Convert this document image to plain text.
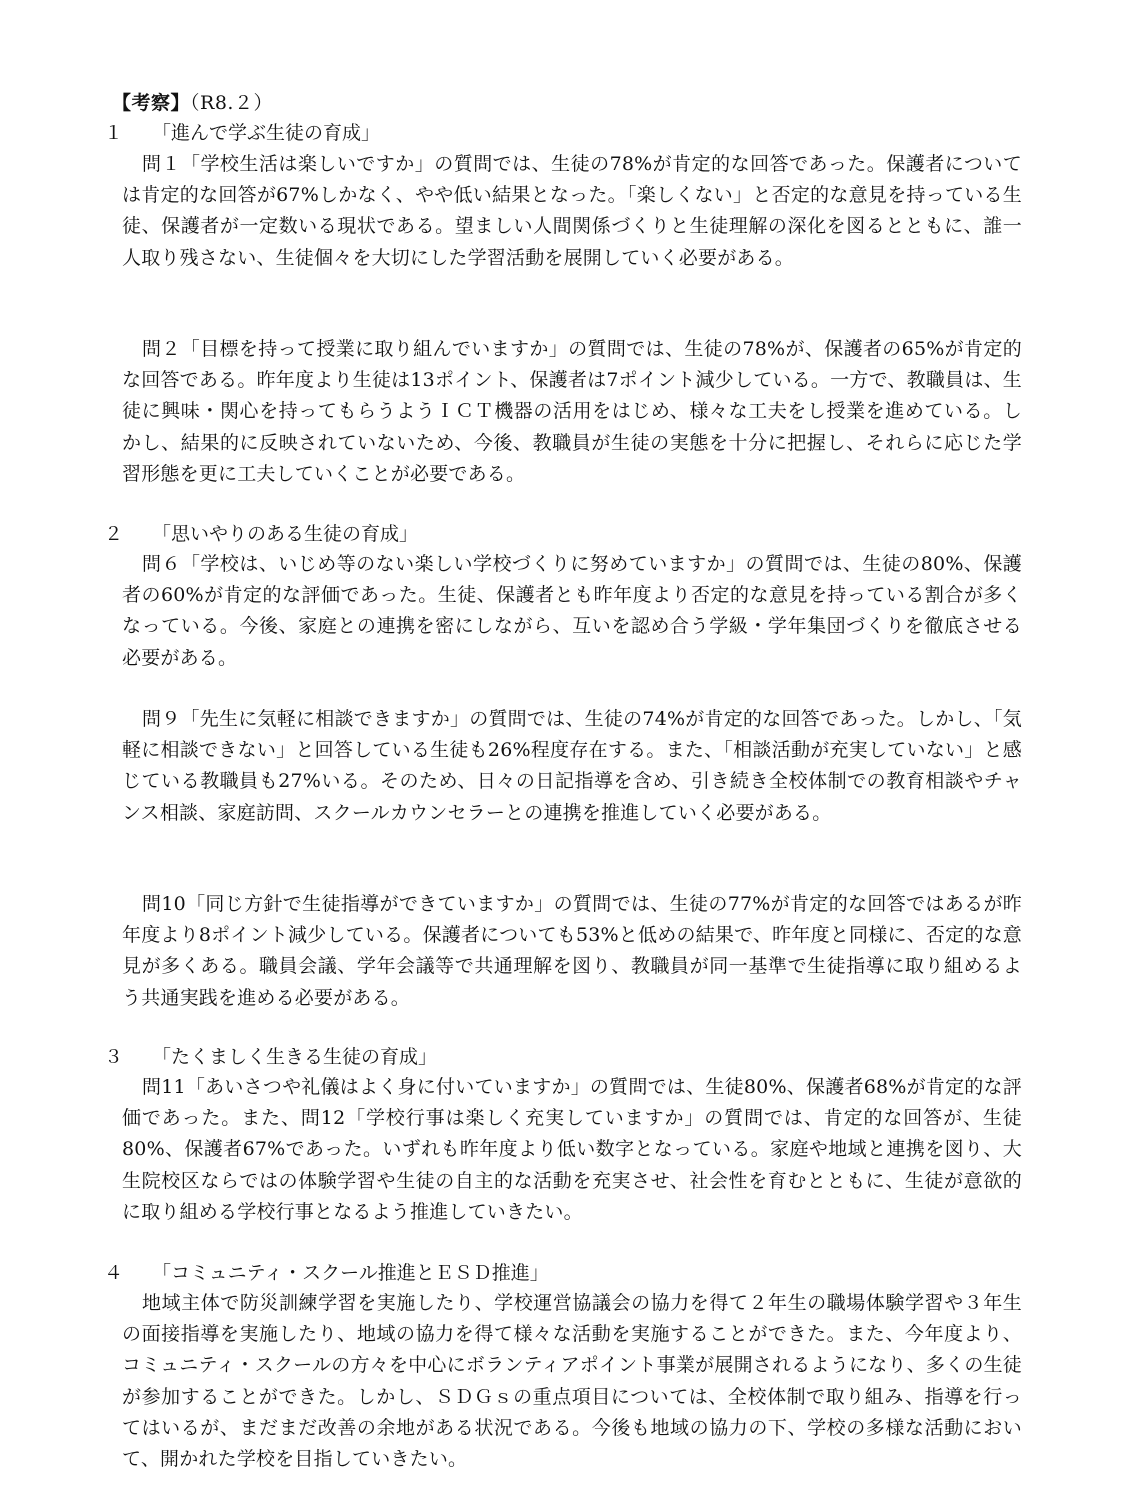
【考察】（R8.２）
１ 「進んで学ぶ生徒の育成」
問１「学校生活は楽しいですか」の質問では、生徒の78%が肯定的な回答であった。保護者については肯定的な回答が67%しかなく、やや低い結果となった。「楽しくない」と否定的な意見を持っている生徒、保護者が一定数いる現状である。望ましい人間関係づくりと生徒理解の深化を図るとともに、誰一人取り残さない、生徒個々を大切にした学習活動を展開していく必要がある。
問２「目標を持って授業に取り組んでいますか」の質問では、生徒の78%が、保護者の65%が肯定的な回答である。昨年度より生徒は13ポイント、保護者は7ポイント減少している。一方で、教職員は、生徒に興味・関心を持ってもらうようＩＣＴ機器の活用をはじめ、様々な工夫をし授業を進めている。しかし、結果的に反映されていないため、今後、教職員が生徒の実態を十分に把握し、それらに応じた学習形態を更に工夫していくことが必要である。
２ 「思いやりのある生徒の育成」
問６「学校は、いじめ等のない楽しい学校づくりに努めていますか」の質問では、生徒の80%、保護者の60%が肯定的な評価であった。生徒、保護者とも昨年度より否定的な意見を持っている割合が多くなっている。今後、家庭との連携を密にしながら、互いを認め合う学級・学年集団づくりを徹底させる必要がある。
問９「先生に気軽に相談できますか」の質問では、生徒の74%が肯定的な回答であった。しかし、「気軽に相談できない」と回答している生徒も26%程度存在する。また、「相談活動が充実していない」と感じている教職員も27%いる。そのため、日々の日記指導を含め、引き続き全校体制での教育相談やチャンス相談、家庭訪問、スクールカウンセラーとの連携を推進していく必要がある。
問10「同じ方針で生徒指導ができていますか」の質問では、生徒の77%が肯定的な回答ではあるが昨年度より8ポイント減少している。保護者についても53%と低めの結果で、昨年度と同様に、否定的な意見が多くある。職員会議、学年会議等で共通理解を図り、教職員が同一基準で生徒指導に取り組めるよう共通実践を進める必要がある。
３ 「たくましく生きる生徒の育成」
問11「あいさつや礼儀はよく身に付いていますか」の質問では、生徒80%、保護者68%が肯定的な評価であった。また、問12「学校行事は楽しく充実していますか」の質問では、肯定的な回答が、生徒80%、保護者67%であった。いずれも昨年度より低い数字となっている。家庭や地域と連携を図り、大生院校区ならではの体験学習や生徒の自主的な活動を充実させ、社会性を育むとともに、生徒が意欲的に取り組める学校行事となるよう推進していきたい。
４ 「コミュニティ・スクール推進とＥＳＤ推進」
地域主体で防災訓練学習を実施したり、学校運営協議会の協力を得て２年生の職場体験学習や３年生の面接指導を実施したり、地域の協力を得て様々な活動を実施することができた。また、今年度より、コミュニティ・スクールの方々を中心にボランティアポイント事業が展開されるようになり、多くの生徒が参加することができた。しかし、ＳＤＧｓの重点項目については、全校体制で取り組み、指導を行ってはいるが、まだまだ改善の余地がある状況である。今後も地域の協力の下、学校の多様な活動において、開かれた学校を目指していきたい。
